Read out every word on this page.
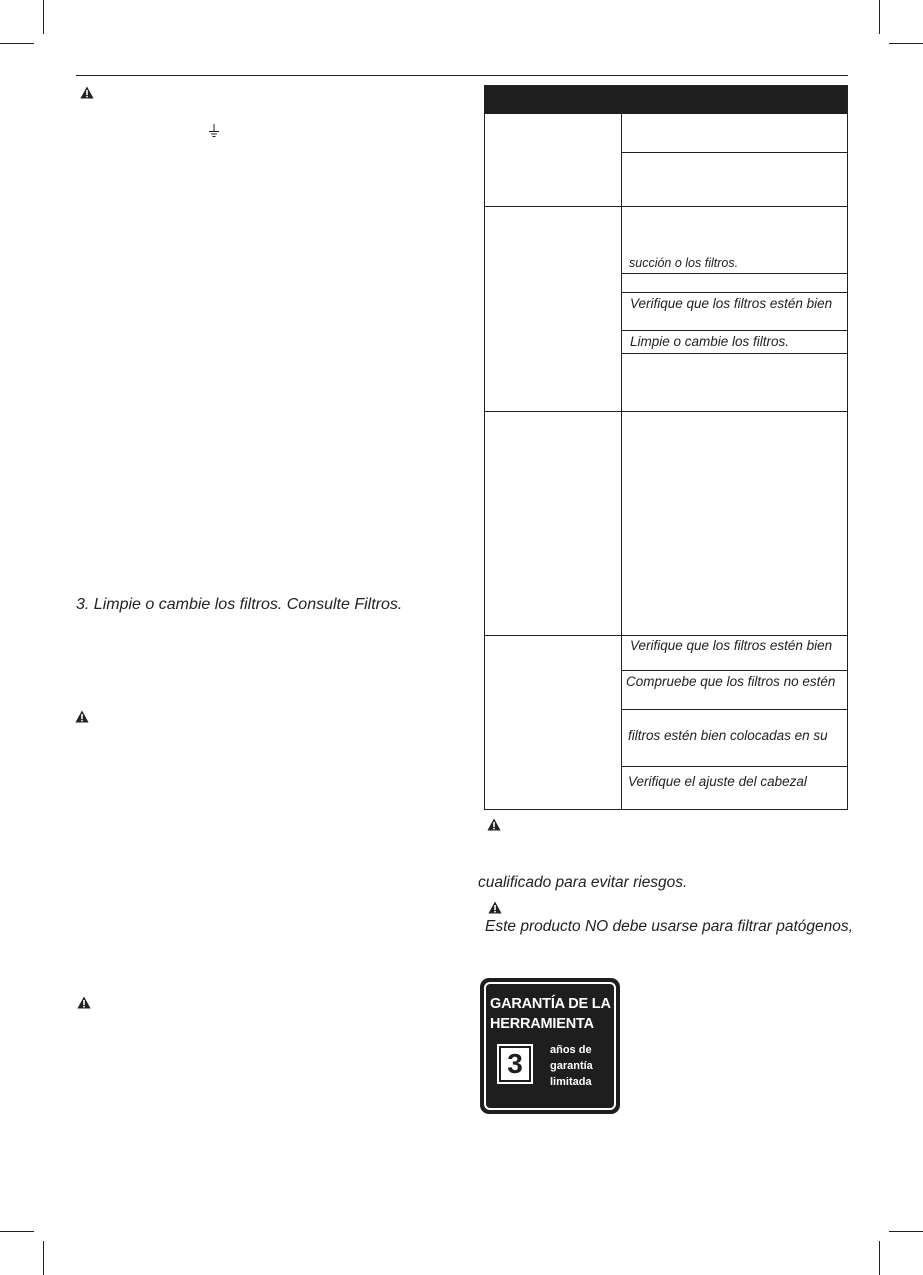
3. Limpie o cambie los filtros. Consulte Filtros.
succión o los filtros.
Verifique que los filtros estén bien
Limpie o cambie los filtros.
Verifique que los filtros estén bien
Compruebe que los filtros no estén
filtros estén bien colocadas en su
Verifique el ajuste del cabezal
cualificado para evitar riesgos.
Este producto NO debe usarse para filtrar patógenos,
GARANTÍA DE LA
HERRAMIENTA
3	años de
garantía
limitada
